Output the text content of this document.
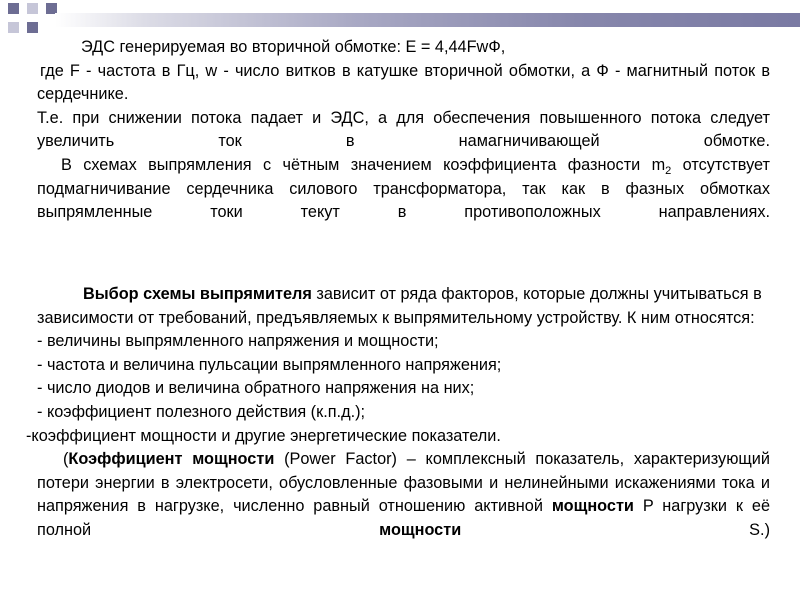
ЭДС генерируемая во вторичной обмотке: Е = 4,44FwФ,

где F - частота в Гц, w - число витков в катушке вторичной обмотки, а Ф - магнитный поток в сердечнике.

Т.е. при снижении потока падает и ЭДС, а для обеспечения повышенного потока следует увеличить ток в намагничивающей обмотке.

В схемах выпрямления с чётным значением коэффициента фазности $m_2$ отсутствует подмагничивание сердечника силового трансформатора, так как в фазных обмотках выпрямленные токи текут в противоположных направлениях.

Выбор схемы выпрямителя зависит от ряда факторов, которые должны учитываться в зависимости от требований, предъявляемых к выпрямительному устройству. К ним относятся:

- величины выпрямленного напряжения и мощности;

- частота и величина пульсации выпрямленного напряжения;

- число диодов и величина обратного напряжения на них;

- коэффициент полезного действия (к.п.д.);

-коэффициент мощности и другие энергетические показатели.

(Коэффициент мощности (Power Factor) – комплексный показатель, характеризующий потери энергии в электросети, обусловленные фазовыми и нелинейными искажениями тока и напряжения в нагрузке, численно равный отношению активной мощности P нагрузки к её полной мощности S.)
